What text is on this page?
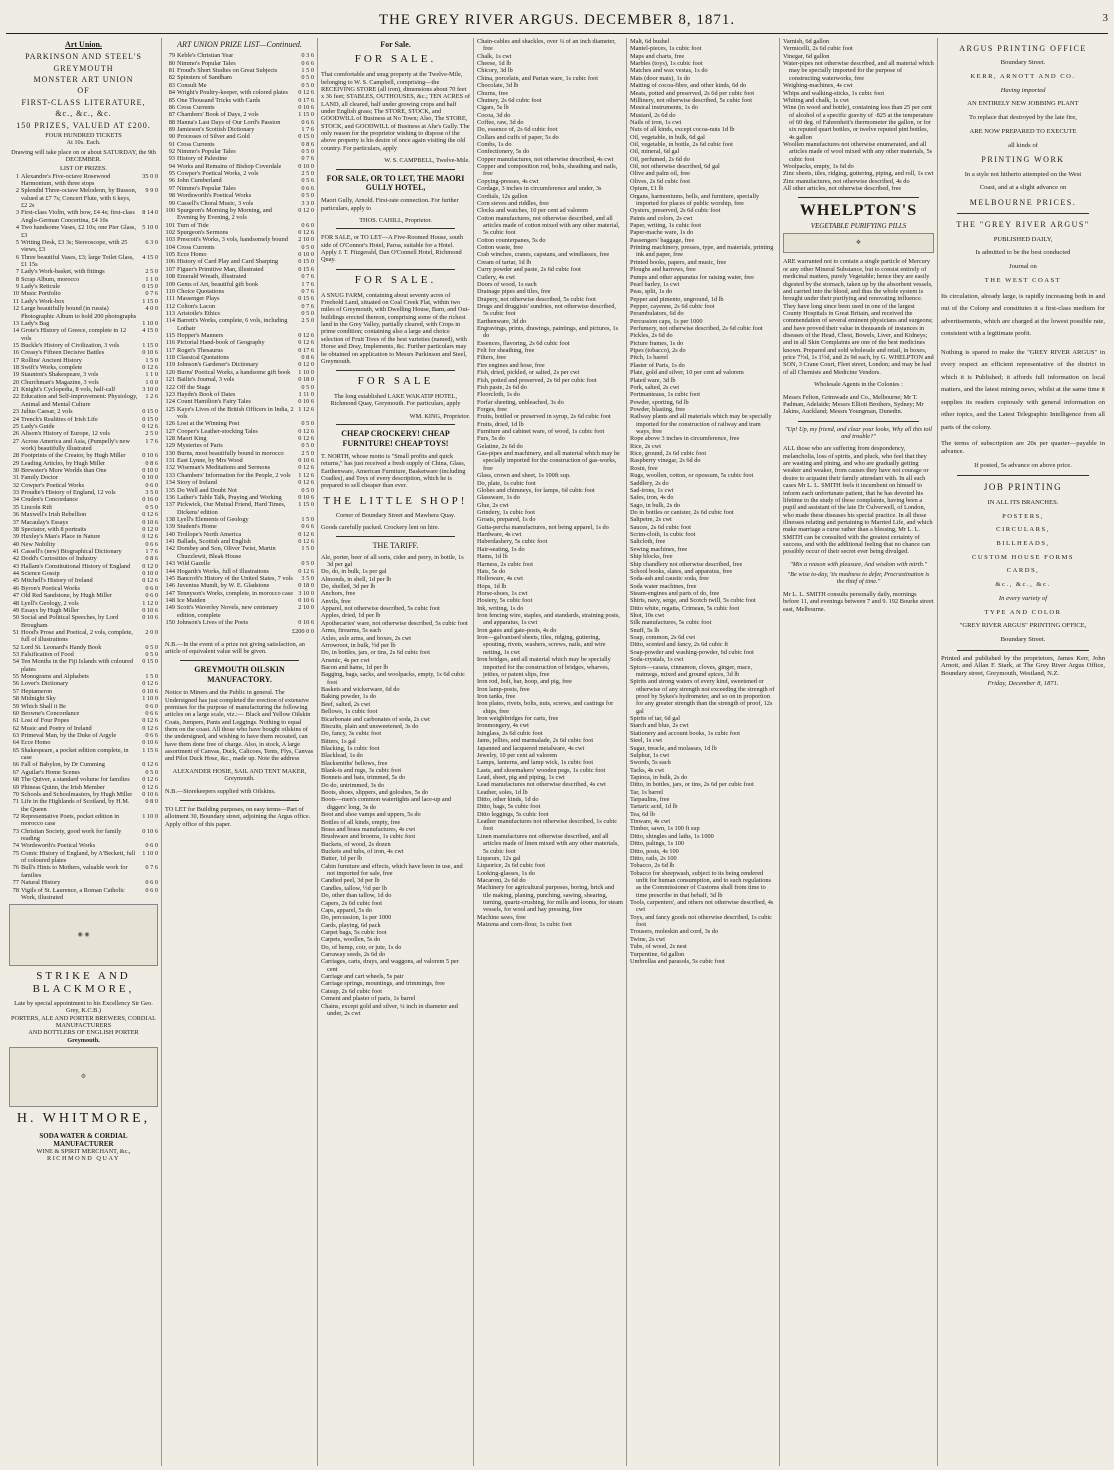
THE GREY RIVER ARGUS. DECEMBER 8, 1871.	3
Art Union.
PARKINSON AND STEEL'S
GREYMOUTH
MONSTER ART UNION
OF
FIRST-CLASS LITERATURE,
&c., &c., &c.
150 PRIZES, VALUED AT £200.
FOUR HUNDRED TICKETS
At 10s. Each.
Drawing will take place on or about SATURDAY, the 9th DECEMBER.
LIST OF PRIZES.
1 Alexandre's Five-octave Rosewood Harmonium, with three stops
35 0 0
2 Splendid Three-octave Melodeon, by Busson, valued at £7 7s; Concert Flute, with 6 keys, £2 2s
9 9 0
3 First-class Violin, with bow, £4 4s; first-class Anglo-German Concertina, £4 10s
8 14 0
4 Two handsome Vases, £2 10s; one Pier Glass, £3
5 10 0
5 Writing Desk, £3 3s; Stereoscope, with 25 views, £3
6 3 0
6 Three beautiful Vases, £3; large Toilet Glass, £1 15s
4 15 0
7 Lady's Work-basket, with fittings	2 5 0
8 Scrap Album, morocco	1 1 0
9 Lady's Reticule	0 15 0
10 Music Portfolio	0 7 6
11 Lady's Work-box	1 15 0
12 Large beautifully bound (in russia) Photographic Album to hold 200 photographs
4 0 0
13 Lady's Bag	1 10 0
14 Grote's History of Greece, complete in 12 vols
4 15 0
15 Buckle's History of Civilization, 3 vols	1 15 0
16 Creasy's Fifteen Decisive Battles	0 10 6
17 Rollins' Ancient History	1 5 0
18 Swift's Works, complete	0 12 6
19 Staunton's Shakespeare, 3 vols	1 1 0
20 Churchman's Magazine, 3 vols	1 0 0
21 Knight's Cyclopedia, 8 vols, half-calf	3 10 0
22 Education and Self-improvement: Physiology, Animal and Mental Culture
1 2 6
23 Julius Caesar, 2 vols	0 15 0
24 Trench's Realities of Irish Life	0 15 0
25 Lady's Guide	0 12 6
26 Alison's History of Europe, 12 vols	2 5 0
27 Across America and Asia, (Pumpelly's new work) beautifully illustrated
1 7 6
28 Footprints of the Creator, by Hugh Miller	0 10 6
29 Leading Articles, by Hugh Miller	0 8 6
30 Brewster's More Worlds than One	0 10 0
31 Family Doctor	0 10 0
32 Cowper's Poetical Works	0 6 0
33 Proudie's History of England, 12 vols	3 5 0
34 Cruden's Concordance	0 16 0
35 Lincoln Rift	0 5 0
36 Maxwell's Irish Rebellion	0 12 6
37 Macaulay's Essays	0 10 6
38 Spectator, with 8 portraits	0 12 0
39 Huxley's Man's Place in Nature	0 12 6
40 New Nobility	0 6 6
41 Cassell's (new) Biographical Dictionary	1 7 6
42 Dodd's Curiosities of Industry	0 8 6
43 Hallam's Constitutional History of England	0 12 0
44 Science Gossip	0 10 0
45 Mitchell's History of Ireland	0 12 6
46 Byron's Poetical Works	0 6 0
47 Old Red Sandstone, by Hugh Miller	0 6 0
48 Lyell's Geology, 2 vols	1 12 0
49 Essays by Hugh Miller	0 10 6
50 Social and Political Speeches, by Lord Brougham
0 10 6
51 Hood's Prose and Poetical, 2 vols, complete, full of illustrations
2 0 0
52 Lord St. Leonard's Handy Book	0 5 0
53 Falsification of Food	0 5 0
54 Ten Months in the Fiji Islands with coloured plates
0 15 0
55 Monograms and Alphabets	1 5 0
56 Lover's Dictionary	0 12 6
57 Heptameron	0 10 6
58 Midnight Sky	1 10 0
59 Which Shall it Be	0 6 0
60 Browne's Concordance	0 6 6
61 Lost of Four Popes	0 12 6
62 Music and Poetry of Ireland	0 12 6
63 Primeval Man, by the Duke of Argyle	0 6 6
64 Ecce Homo	0 10 6
65 Shakespeare, a pocket edition complete, in case
1 15 6
66 Fall of Babylon, by Dr Cumming	0 12 6
67 Aguilar's Home Scenes	0 5 0
68 The Quiver, a standard volume for families	0 12 6
69 Phineas Quinn, the Irish Member	0 12 6
70 Schools and Schoolmasters, by Hugh Miller	0 10 6
71 Life in the Highlands of Scotland, by H.M. the Queen
0 8 0
72 Representative Poets, pocket edition in morocco case
1 10 0
73 Christian Society, good work for family reading
0 10 6
74 Wordsworth's Poetical Works	0 6 0
75 Comic History of England, by A'Beckett, full of coloured plates
1 10 0
76 Bull's Hints to Mothers, valuable work for families
0 7 6
77 Natural History	0 6 0
78 Vigils of St. Laurence, a Roman Catholic Work, illustrated
0 6 0
◉ ◉
STRIKE AND BLACKMORE,
Late by special appointment to his Excellency Sir Geo. Grey, K.C.B.)
PORTERS, ALE AND PORTER BREWERS, CORDIAL MANUFACTURERS
AND BOTTLERS OF ENGLISH PORTER
Greymouth.
⚙
H. WHITMORE,
SODA WATER & CORDIAL MANUFACTURER
WINE & SPIRIT MERCHANT, &c.,
RICHMOND QUAY
ART UNION PRIZE LIST—Continued.
79 Keble's Christian Year	0 3 6
80 Nimmo's Popular Tales	0 6 6
81 Froud's Short Studies on Great Subjects	1 5 0
82 Spinsters of Sandham	0 5 0
83 Consult Me	0 5 0
84 Wright's Poultry-keeper, with colored plates	0 12 6
85 One Thousand Tricks with Cards	0 17 6
86 Cross Currents	0 10 6
87 Chambers' Book of Days, 2 vols	1 15 0
88 Hanna's Last Days of Our Lord's Passion	0 6 6
89 Jamieson's Scottish Dictionary	1 7 6
90 Processes of Silver and Gold	0 15 0
91 Cross Currents	0 8 6
92 Nimmo's Popular Tales	0 5 0
93 History of Palestine	0 7 6
94 Works and Remains of Bishop Coverdale	0 10 0
95 Cowper's Poetical Works, 2 vols	2 5 0
96 John Cumberland	0 5 6
97 Nimmo's Popular Tales	0 6 6
98 Wordsworth's Poetical Works	0 5 0
99 Cassell's Choral Music, 3 vols	3 3 0
100 Spurgeon's Morning by Morning, and Evening by Evening, 2 vols
0 12 0
101 Turn of Tide	0 6 0
102 Spurgeon's Sermons	0 12 6
103 Prescott's Works, 3 vols, handsomely bound	2 10 0
104 Cross Currents	0 5 0
105 Ecce Homo	0 10 0
106 History of Card Play and Card Sharping	0 15 0
107 Figuer's Primitive Man, illustrated	0 15 6
108 Emerald Wreath, illustrated	0 7 6
109 Gems of Art, beautiful gift book	1 7 6
110 Choice Quotations	0 7 6
111 Massenger Plays	0 15 6
112 Colton's Lacon	0 7 6
113 Aristotle's Ethics	0 5 0
114 Barrett's Works, complete, 6 vols, including Lothair
2 5 0
115 Hopper's Manners	0 12 6
116 Pictorial Hand-book of Geography	0 12 6
117 Roget's Thesaurus	0 17 6
118 Classical Quotations	0 8 6
119 Johnson's Gardener's Dictionary	0 12 0
120 Burns' Poetical Works, a handsome gift book	1 10 0
121 Bailie's Journal, 3 vols	0 18 0
122 Off the Stage	0 5 0
123 Haydn's Book of Dates	1 11 0
124 Count Hamilton's Fairy Tales	0 10 6
125 Kaye's Lives of the British Officers in India, 2 vols
1 12 6
126 Lost at the Winning Post	0 5 0
127 Cooper's Leather-stocking Tales	0 12 6
128 Maori King	0 12 6
129 Mysteries of Paris	0 5 0
130 Burns, most beautifully bound in morocco	2 5 0
131 East Lynne, by Mrs Wood	0 10 6
132 Wiseman's Meditations and Sermons	0 12 6
133 Chambers' Information for the People, 2 vols	1 12 6
134 Story of Ireland	0 12 6
135 Do Well and Doubt Not	0 5 0
136 Lather's Table Talk, Praying and Working	0 10 6
137 Pickwick, Our Mutual Friend, Hard Times, Dickens' edition
1 15 0
138 Lyell's Elements of Geology	1 5 0
139 Student's Home	0 6 6
140 Trollope's North America	0 12 6
141 Ballads, Scottish and English	0 12 6
142 Dombey and Son, Oliver Twist, Martin Chuzzlewit, Bleak House
1 5 0
143 Wild Gazelle	0 5 0
144 Hogarth's Works, full of illustrations	0 12 6
145 Bancroft's History of the United States, 7 vols	3 5 0
146 Juventus Mundi, by W. E. Gladstone	0 18 0
147 Tennyson's Works, complete, in morocco case 3 10 0
148 Ice Maiden	0 10 6
149 Scott's Waverley Novels, new centenary edition, complete
2 10 0
150 Johnson's Lives of the Poets	0 10 6
£200 0 0
N.B.—In the event of a prize not giving satisfaction, an article of equivalent value will be given.
GREYMOUTH OILSKIN MANUFACTORY.
Notice to Miners and the Public in general. The Undersigned has just completed the erection of extensive premises for the purpose of manufacturing the following articles on a large scale, viz.:— Black and Yellow Oilskin Coats, Jumpers, Pants and Leggings. Nothing to equal them on the coast. All those who have bought oilskins of the undersigned, and wishing to have them recoated, can have them done free of charge. Also, in stock, A large assortment of Canvas, Duck, Calicoes, Tents, Flys, Canvas and Pilot Duck Hose, &c., made up. Note the address
ALEXANDER HOSIE, SAIL AND TENT MAKER, Greymouth.
N.B.—Storekeepers supplied with Oilskins.
TO LET for Building purposes, on easy terms—Part of allotment 30, Boundary street, adjoining the Argus office. Apply office of this paper.
For Sale.
FOR SALE.
That comfortable and snug property at the Twelve-Mile, belonging to W. S. Campbell, comprising—the RECEIVING STORE (all iron), dimensions about 70 feet x 36 feet; STABLES, OUTHOUSES, &c.; TEN ACRES of LAND, all cleared, half under growing crops and half under English grass; The STORE, STOCK, and GOODWILL of Business at No Town; Also, The STORE, STOCK, and GOODWILL of Business at Ahe's Gully. The only reason for the proprietor wishing to dispose of the above property is his desire of once again visiting the old country. For particulars, apply
W. S. CAMPBELL, Twelve-Mile.
FOR SALE, OR TO LET, THE MAORI GULLY HOTEL,
Maori Gully, Arnold. First-rate connection. For further particulars, apply to
THOS. CAHILL, Proprietor.
FOR SALE, or TO LET—A Five-Roomed House, south side of O'Connor's Hotel, Paroa, suitable for a Hotel. Apply J. T. Fitzgerald, Dan O'Connell Hotel, Richmond Quay.
FOR SALE.
A SNUG FARM, containing about seventy acres of Freehold Land, situated on Coal Creek Flat, within two miles of Greymouth, with Dwelling House, Barn, and Out-buildings erected thereon, comprising some of the richest land in the Grey Valley, partially cleared, with Crops in prime condition; containing also a large and choice selection of Fruit Trees of the best varieties (named), with Horse and Dray, Implements, &c. Further particulars may be obtained on application to Messrs Parkinson and Steel, Greymouth.
FOR SALE
The long established LAKE WAKATIP HOTEL, Richmond Quay, Greymouth. For particulars, apply
WM. KING, Proprietor.
CHEAP CROCKERY! CHEAP FURNITURE! CHEAP TOYS!
T. NORTH, whose motto is "Small profits and quick returns," has just received a fresh supply of China, Glass, Earthenware, American Furniture, Basketware (including Cradles), and Toys of every description, which he is prepared to sell cheaper than ever.
THE LITTLE SHOP!
Corner of Boundary Street and Mawhera Quay.
Goods carefully packed. Crockery lent on hire.
THE TARIFF.
Ale, porter, beer of all sorts, cider and perry, in bottle, 1s 3d per gal
Do, do, in bulk, 1s per gal
Almonds, in shell, 1d per lb
Do, shelled, 3d per lb
Anchors, free
Anvils, free
Apparel, not otherwise described, 5s cubic foot
Apples, dried, 1d per lb
Apothecaries' ware, not otherwise described, 5s cubic foot
Arms, firearms, 5s each
Axles, axle arms, and boxes, 2s cwt
Arrowroot, in bulk, ½d per lb
Do, in bottles, jars, or tins, 2s 6d cubic foot
Arsenic, 4s per cwt
Bacon and hams, 1d per lb
Bagging, bags, sacks, and woolpacks, empty, 1s 6d cubic foot
Baskets and wickerware, 6d do
Baking powder, 1s do
Beef, salted, 2s cwt
Bellows, 1s cubic foot
Bicarbonate and carbonates of soda, 2s cwt
Biscuits, plain and unsweetened, 3s do
Do, fancy, 3s cubic foot
Bitters, 1s gal
Blacking, 1s cubic foot
Blacklead, 1s do
Blacksmiths' bellows, free
Blank-ts and rugs, 3s cubic foot
Bonnets and hats, trimmed, 5s do
Do do, untrimmed, 3s do
Boots, shoes, slippers, and goloshes, 5s do
Boots—men's common watertights and lace-up and diggers' long, 3s do
Boot and shoe vamps and uppers, 5s do
Bottles of all kinds, empty, free
Brass and brass manufactures, 4s cwt
Brushware and brooms, 1s cubic foot
Buckets, of wood, 2s dozen
Buckets and tubs, of iron, 4s cwt
Butter, 1d per lb
Cabin furniture and effects, which have been in use, and not imported for sale, free
Candied peel, 3d per lb
Candles, tallow, ½d per lb
Do, other than tallow, 1d do
Capers, 2s 6d cubic foot
Caps, apparel, 5s do
Do, percussion, 1s per 1000
Cards, playing, 6d pack
Carpet bags, 5s cubic foot
Carpets, woollen, 5s do
Do, of hemp, coir, or jute, 1s do
Carraway seeds, 2s 6d do
Carriages, carts, drays, and waggons, ad valorem 5 per cent
Carriage and cart wheels, 5s pair
Carriage springs, mountings, and trimmings, free
Catsup, 2s 6d cubic foot
Cement and plaster of paris, 1s barrel
Chains, except gold and silver, ¼ inch in diameter and under, 2s cwt
Chain-cables and shackles, over ¼ of an inch diameter, free
Chalk, 1s cwt
Cheese, 1d lb
Chicory, 3d lb
China, porcelain, and Parian ware, 1s cubic foot
Chocolate, 3d lb
Churns, free
Chutney, 2s 6d cubic foot
Cigars, 5s lb
Cocoa, 3d do
Coffee, raw, 3d do
Do, essence of, 2s 6d cubic foot
Collars and cuffs of paper, 5s do
Combs, 1s do
Confectionery, 5s do
Copper manufactures, not otherwise described, 4s cwt
Copper and composition rod, bolts, sheathing and nails, free
Copying-presses, 4s cwt
Cordage, 3 inches in circumference and under, 3s
Cordials, 12s gallon
Corn sieves and riddles, free
Clocks and watches, 10 per cent ad valorem
Cotton manufactures, not otherwise described, and all articles made of cotton mixed with any other material, 5s cubic foot
Cotton counterpanes, 5s do
Cotton waste, free
Crab winches, cranes, capstans, and windlasses, free
Cream of tartar, 1d lb
Curry powder and paste, 2s 6d cubic foot
Cutlery, 4s cwt
Doors of wood, 1s each
Drainage pipes and tiles, free
Drapery, not otherwise described, 5s cubic foot
Drugs and druggists' sundries, not otherwise described, 5s cubic foot
Earthenware, 3d do
Engravings, prints, drawings, paintings, and pictures, 1s do
Essences, flavoring, 2s 6d cubic foot
Felt for sheathing, free
Filters, free
Fire engines and hose, free
Fish, dried, pickled, or salted, 2s per cwt
Fish, potted and preserved, 2s 6d per cubic foot
Fish paste, 2s 6d do
Floorcloth, 1s do
Forfar sheeting, unbleached, 3s do
Forges, free
Fruits, bottled or preserved in syrup, 2s 6d cubic foot
Fruits, dried, 1d lb
Furniture and cabinet ware, of wood, 1s cubic foot
Furs, 5s do
Gelatine, 2s 6d do
Gas-pipes and machinery, and all material which may be specially imported for the construction of gas-works, free
Glass, crown and sheet, 1s 100ft sup.
Do, plate, 1s cubic foot
Globes and chimneys, for lamps, 6d cubic foot
Glassware, 1s do
Glue, 2s cwt
Grindery, 1s cubic foot
Groats, prepared, 1s do
Gutta-percha manufactures, not being apparel, 1s do
Hardware, 4s cwt
Haberdashery, 5s cubic foot
Hair-seating, 1s do
Hams, 1d lb
Harness, 2s cubic foot
Hats, 5s do
Holloware, 4s cwt
Hops, 1d lb
Horse-shoes, 1s cwt
Hosiery, 5s cubic foot
Ink, writing, 1s do
Iron fencing wire, staples, and standards, straining posts, and apparatus, 1s cwt
Iron gates and gate-posts, 4s do
Iron—galvanised sheets, tiles, ridging, guttering, spouting, rivets, washers, screws, nails, and wire netting, 1s cwt
Iron bridges, and all material which may be specially imported for the construction of bridges, wharves, jetties, or patent slips, free
Iron rod, bolt, bar, hoop, and pig, free
Iron lamp-posts, free
Iron tanks, free
Iron plates, rivets, bolts, nuts, screws, and castings for ships, free
Iron weighbridges for carts, free
Ironmongery, 4s cwt
Isinglass, 2s 6d cubic foot
Jams, jellies, and marmalade, 2s 6d cubic foot
Japanned and lacquered metalware, 4s cwt
Jewelry, 10 per cent ad valorem
Lamps, lanterns, and lamp wick, 1s cubic foot
Lasts, and shoemakers' wooden pegs, 1s cubic foot
Lead, sheet, pig and piping, 1s cwt
Lead manufactures not otherwise described, 4s cwt
Leather, soles, 1d lb
Ditto, other kinds, 1d do
Ditto, bags, 5s cubic foot
Ditto leggings, 5s cubic foot
Leather manufactures not otherwise described, 1s cubic foot
Linen manufactures not otherwise described, and all articles made of linen mixed with any other materials, 5s cubic foot
Liqueurs, 12s gal
Liquorice, 2s 6d cubic foot
Looking-glasses, 1s do
Macaroni, 2s 6d do
Machinery for agricultural purposes, boring, brick and tile making, planing, punching, sawing, shearing, turning, quartz-crushing, for mills and looms, for steam vessels, for wool and hay pressing, free
Machine saws, free
Maizena and corn-flour, 1s cubic foot
Malt, 6d bushel
Mantel-pieces, 1s cubic foot
Maps and charts, free
Marbles (toys), 1s cubic foot
Matches and wax vestas, 1s do
Mats (door mats), 1s do
Matting of cocoa-fibre, and other kinds, 6d do
Meats, potted and preserved, 2s 6d per cubic foot
Millinery, not otherwise described, 5s cubic foot
Musical instruments, 1s do
Mustard, 2s 6d do
Nails of iron, 1s cwt
Nuts of all kinds, except cocoa-nuts 1d lb
Oil, vegetable, in bulk, 6d gal
Oil, vegetable, in bottle, 2s 6d cubic foot
Oil, mineral, 6d gal
Oil, perfumed, 2s 6d do
Oil, not otherwise described, 6d gal
Olive and palm oil, free
Olives, 2s 6d cubic foot
Opium, £1 lb
Organs, harmoniums, bells, and furniture, specially imported for places of public worship, free
Oysters, preserved, 2s 6d cubic foot
Paints and colors, 2s cwt
Paper, writing, 1s cubic foot
Paper-mache ware, 1s do
Passengers' baggage, free
Printing machinery, presses, type, and materials, printing ink and paper, free
Printed books, papers, and music, free
Ploughs and harrows, free
Pumps and other apparatus for raising water, free
Pearl barley, 1s cwt
Peas, split, 1s do
Pepper and pimento, unground, 1d lb
Pepper, cayenne, 2s 6d cubic foot
Perambulators, 6d do
Percussion caps, 1s per 1000
Perfumery, not otherwise described, 2s 6d cubic foot
Pickles, 2s 6d do
Picture frames, 1s do
Pipes (tobacco), 2s do
Pitch, 1s barrel
Plaster of Paris, 1s do
Plate, gold and silver, 10 per cent ad valorem
Plated ware, 3d lb
Pork, salted, 2s cwt
Portmanteaus, 1s cubic foot
Powder, sporting, 6d lb
Powder, blasting, free
Railway plants and all materials which may be specially imported for the construction of railway and tram ways, free
Rope above 3 inches in circumference, free
Rice, 2s cwt
Rice, ground, 2s 6d cubic foot
Raspberry vinegar, 2s 6d do
Rosin, free
Rugs, woollen, cotton, or opossum, 5s cubic foot
Saddlery, 2s do
Sad-irons, 1s cwt
Safes, iron, 4s do
Sago, in bulk, 2s do
Do in bottles or canister, 2s 6d cubic foot
Saltpetre, 2s cwt
Sauces, 2s 6d cubic foot
Scrim-cloth, 1s cubic foot
Saltcloth, free
Sewing machines, free
Ship blocks, free
Ship chandlery not otherwise described, free
School books, slates, and apparatus, free
Soda-ash and caustic soda, free
Soda water machines, free
Steam-engines and parts of do, free
Shirts, navy, serge, and Scotch twill, 5s cubic foot
Ditto white, regatta, Crimean, 5s cubic foot
Shot, 10s cwt
Silk manufactures, 5s cubic foot
Snuff, 5s lb
Soap, common, 2s 6d cwt
Ditto, scented and fancy, 2s 6d cubic ft
Soap-powder and washing-powder, 6d cubic foot
Soda-crystals, 1s cwt
Spices—cassia, cinnamon, cloves, ginger, mace, nutmegs, mixed and ground spices, 3d lb
Spirits and strong waters of every kind, sweetened or otherwise of any strength not exceeding the strength of proof by Sykes's hydrometer, and so on in proportion for any greater strength than the strength of proof, 12s gal
Spirits of tar, 6d gal
Starch and blue, 2s cwt
Stationery and account books, 1s cubic foot
Steel, 1s cwt
Sugar, treacle, and molasses, 1d lb
Sulphur, 1s cwt
Swords, 5s each
Tacks, 4s cwt
Tapioca, in bulk, 2s do
Ditto, in bottles, jars, or tins, 2s 6d per cubic foot
Tar, 1s barrel
Tarpaulins, free
Tartaric acid, 1d lb
Tea, 6d lb
Tinware, 4s cwt
Timber, sawn, 1s 100 ft sup
Ditto, shingles and laths, 1s 1000
Ditto, palings, 1s 100
Ditto, posts, 4s 100
Ditto, rails, 2s 100
Tobacco, 2s 6d lb
Tobacco for sheepwash, subject to its being rendered unfit for human consumption, and to such regulations as the Commissioner of Customs shall from time to time prescribe in that behalf, 3d lb
Tools, carpenters', and others not otherwise described, 4s cwt
Toys, and fancy goods not otherwise described, 1s cubic foot
Trousers, moleskin and cord, 3s do
Twine, 2s cwt
Tubs, of wood, 2s nest
Turpentine, 6d gallon
Umbrellas and parasols, 5s cubic foot
Varnish, 6d gallon
Vermicelli, 2s 6d cubic foot
Vinegar, 6d gallon
Water-pipes not otherwise described, and all material which may be specially imported for the purpose of constructing waterworks, free
Weighing-machines, 4s cwt
Whips and walking-sticks, 1s cubic foot
Whiting and chalk, 1s cwt
Wine (in wood and bottle), containing less than 25 per cent of alcohol of a specific gravity of ·825 at the temperature of 60 deg. of Fahrenheit's thermometer the gallon, or for six reputed quart bottles, or twelve reputed pint bottles, 4s gallon
Woollen manufactures not otherwise enumerated, and all articles made of wool mixed with any other materials, 5s cubic foot
Woolpacks, empty, 1s 6d do
Zinc sheets, tiles, ridging, guttering, piping, and roll, 1s cwt
Zinc manufactures, not otherwise described, 4s do
All other articles, not otherwise described, free
WHELPTON'S
VEGETABLE PURIFYING PILLS
❖
ARE warranted not to contain a single particle of Mercury or any other Mineral Substance, but to consist entirely of medicinal matters, purely Vegetable; hence they are easily digested by the stomach, taken up by the absorbent vessels, and carried into the blood, and thus the whole system is brought under their purifying and renovating influence. They have long since been used in one of the largest County Hospitals in Great Britain, and received the commendation of several eminent physicians and surgeons; and have proved their value in thousands of instances in diseases of the Head, Chest, Bowels, Liver, and Kidneys; and in all Skin Complaints are one of the best medicines known. Prepared and sold wholesale and retail, in boxes, price 7½d, 1s 1½d, and 2s 9d each, by G. WHELPTON and SON, 3 Crane Court, Fleet street, London; and may be had of all Chemists and Medicine Vendors.
Wholesale Agents in the Colonies :
Messrs Felton, Grimwade and Co., Melbourne; Mr T. Padman, Adelaide; Messrs Elliott Brothers, Sydney; Mr Jakins, Auckland; Messrs Youngman, Dunedin.
"Up! Up, my friend, and clear your looks, Why all this toil and trouble?"
ALL those who are suffering from despondency, melancholia, loss of spirits, and pluck, who feel that they are wasting and pining, and who are gradually getting weaker and weaker, from causes they have not courage or desire to acquaint their family attendant with. In all such cases Mr L. L. SMITH feels it incumbent on himself to inform each unfortunate patient, that he has devoted his lifetime to the study of these complaints, having been a pupil and assistant of the late Dr Culverwell, of London, who made these diseases his special practice. In all those illnesses relating and pertaining to Married Life, and which make marriage a curse rather than a blessing, Mr L. L. SMITH can be consulted with the greatest certainty of success, and with the additional feeling that no chance can possibly occur of their secret ever being divulged.
"Mix a reason with pleasure, And wisdom with mirth."
"Be wise to-day, 'tis madness to defer, Procrastination is the thief of time."
Mr L. L. SMITH consults personally daily, mornings before 11, and evenings between 7 and 9. 192 Bourke street east, Melbourne.

ARGUS PRINTING OFFICE

Boundary Street.

KERR, ARNOTT AND CO.

Having imported

AN ENTIRELY NEW JOBBING PLANT

To replace that destroyed by the late fire,

ARE NOW PREPARED TO EXECUTE

all kinds of

PRINTING WORK

In a style not hitherto attempted on the West

Coast, and at a slight advance on

MELBOURNE PRICES.

THE "GREY RIVER ARGUS"

PUBLISHED DAILY,

Is admitted to be the best conducted

Journal on

THE WEST COAST

Its circulation, already large, is rapidly increasing both in and out of the Colony and constitutes it a first-class medium for advertisements, which are charged at the lowest possible rate, consistent with a legitimate profit.

Nothing is spared to make the "GREY RIVER ARGUS" in every respect an efficient representative of the district in which it is Published; it affords full information on local matters, and the latest mining news, whilst at the same time it supplies its readers copiously with general information on other topics, and the Latest Telegraphic Intelligence from all parts of the colony.

The terms of subscription are 20s per quarter—payable in advance.

If posted, 5s advance on above price.

JOB PRINTING

IN ALL ITS BRANCHES.

POSTERS,

CIRCULARS,

BILLHEADS,

CUSTOM HOUSE FORMS

CARDS,

&c., &c., &c.

In every variety of

TYPE AND COLOR

"GREY RIVER ARGUS" PRINTING OFFICE,

Boundary Street.

Printed and published by the proprietors, James Kerr, John Arnott, and Allan F. Stark, at The Grey River Argus Office, Boundary street, Greymouth, Westland, N.Z.

Friday, December 8, 1871.
